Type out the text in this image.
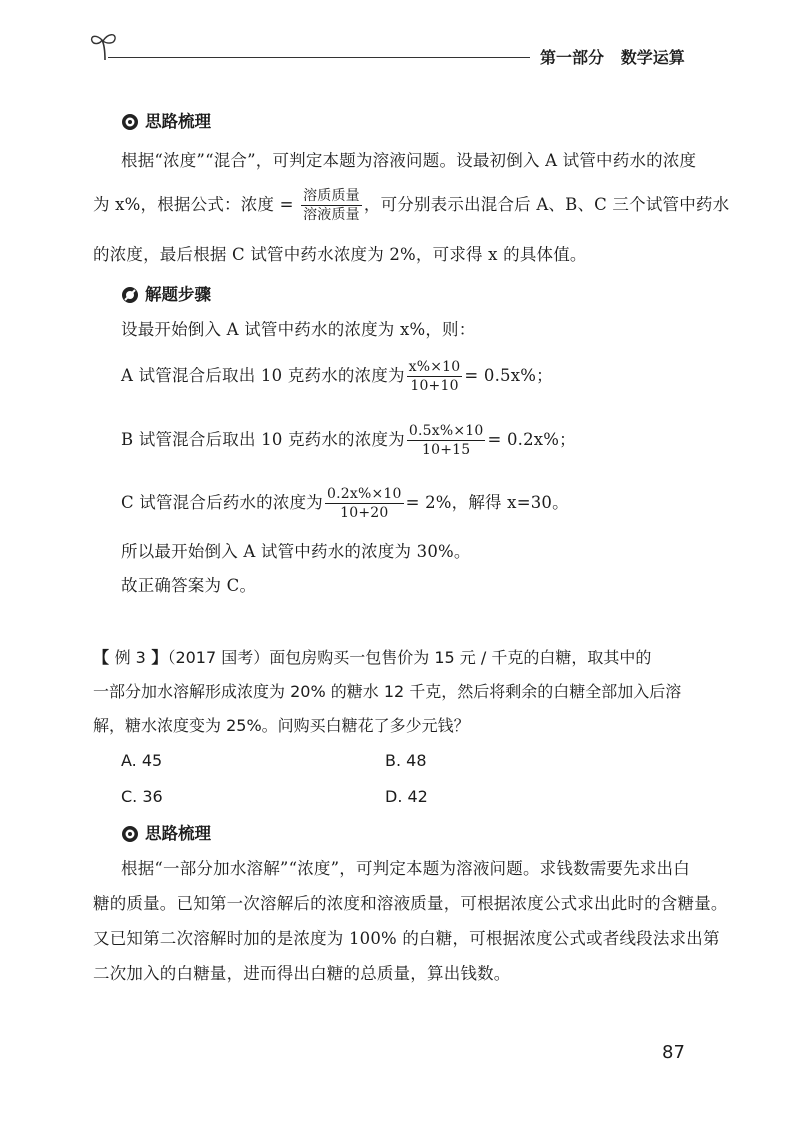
第一部分 数学运算
思路梳理
根据“浓度”“混合”，可判定本题为溶液问题。设最初倒入 A 试管中药水的浓度
为 x%，根据公式：浓度 = $\frac{\text{溶质质量}}{\text{溶液质量}}$ ，可分别表示出混合后 A、B、C 三个试管中药水
的浓度，最后根据 C 试管中药水浓度为 2%，可求得 x 的具体值。
解题步骤
设最开始倒入 A 试管中药水的浓度为 x%，则：
A 试管混合后取出 10 克药水的浓度为 $\frac{x\%\times 10}{10+10} = 0.5x\%$；
B 试管混合后取出 10 克药水的浓度为 $\frac{0.5x\%\times 10}{10+15} = 0.2x\%$；
C 试管混合后药水的浓度为 $\frac{0.2x\%\times 10}{10+20} = 2\%$，解得 x=30。
所以最开始倒入 A 试管中药水的浓度为 30%。
故正确答案为 C。
【 例 3 】（2017 国考）面包房购买一包售价为 15 元 / 千克的白糖，取其中的
一部分加水溶解形成浓度为 20% 的糖水 12 千克，然后将剩余的白糖全部加入后溶
解，糖水浓度变为 25%。问购买白糖花了多少元钱？
A. 45	B. 48
C. 36	D. 42
思路梳理
根据“一部分加水溶解”“浓度”，可判定本题为溶液问题。求钱数需要先求出白
糖的质量。已知第一次溶解后的浓度和溶液质量，可根据浓度公式求出此时的含糖量。
又已知第二次溶解时加的是浓度为 100% 的白糖，可根据浓度公式或者线段法求出第
二次加入的白糖量，进而得出白糖的总质量，算出钱数。
87
